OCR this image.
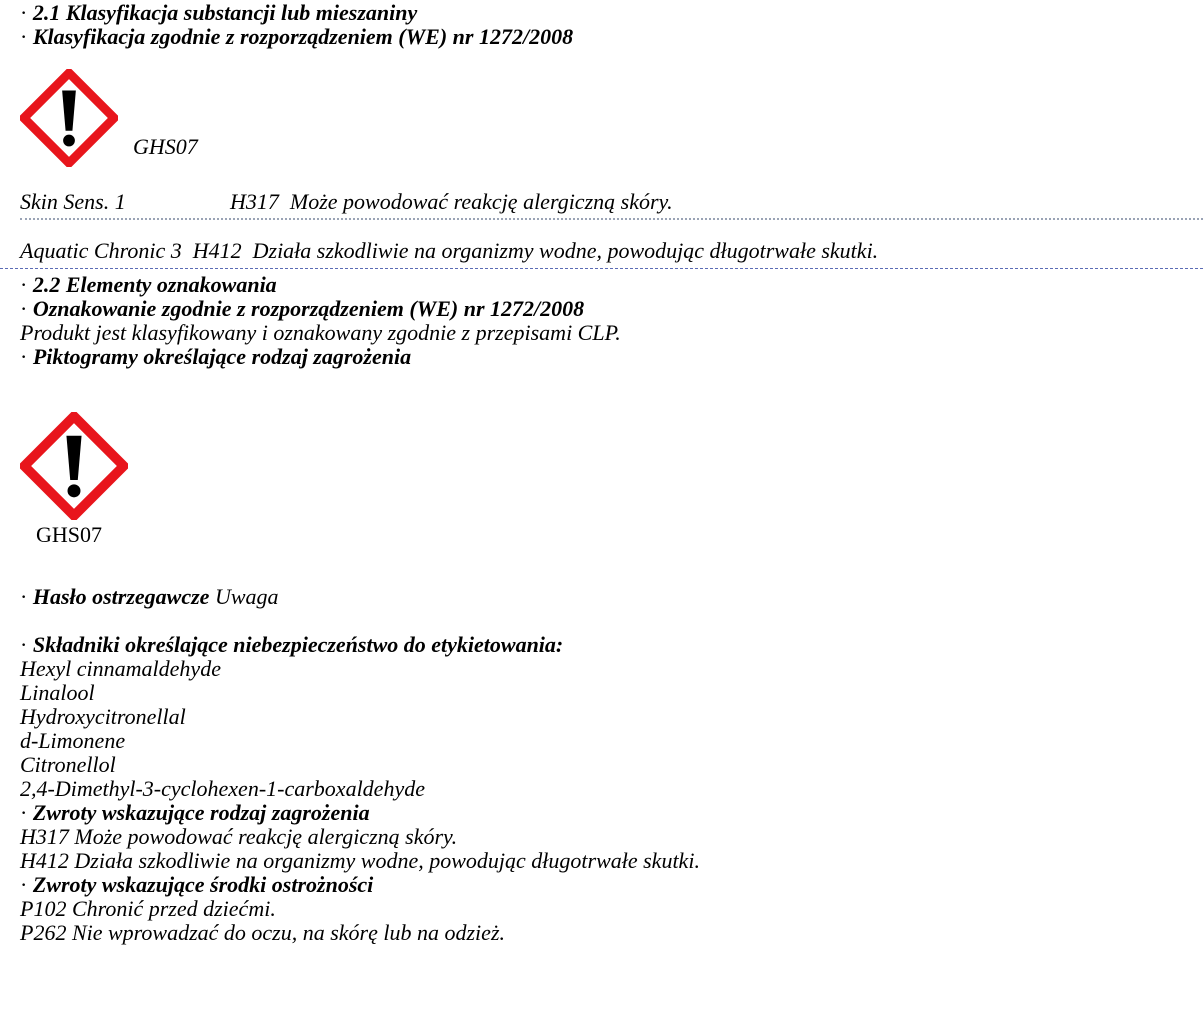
· 2.1 Klasyfikacja substancji lub mieszaniny
· Klasyfikacja zgodnie z rozporządzeniem (WE) nr 1272/2008
GHS07
Skin Sens. 1	H317 Może powodować reakcję alergiczną skóry.
Aquatic Chronic 3 H412 Działa szkodliwie na organizmy wodne, powodując długotrwałe skutki.
· 2.2 Elementy oznakowania
· Oznakowanie zgodnie z rozporządzeniem (WE) nr 1272/2008
Produkt jest klasyfikowany i oznakowany zgodnie z przepisami CLP.
· Piktogramy określające rodzaj zagrożenia
GHS07
· Hasło ostrzegawcze Uwaga
· Składniki określające niebezpieczeństwo do etykietowania:
Hexyl cinnamaldehyde
Linalool
Hydroxycitronellal
d-Limonene
Citronellol
2,4-Dimethyl-3-cyclohexen-1-carboxaldehyde
· Zwroty wskazujące rodzaj zagrożenia
H317 Może powodować reakcję alergiczną skóry.
H412 Działa szkodliwie na organizmy wodne, powodując długotrwałe skutki.
· Zwroty wskazujące środki ostrożności
P102 Chronić przed dziećmi.
P262 Nie wprowadzać do oczu, na skórę lub na odzież.
